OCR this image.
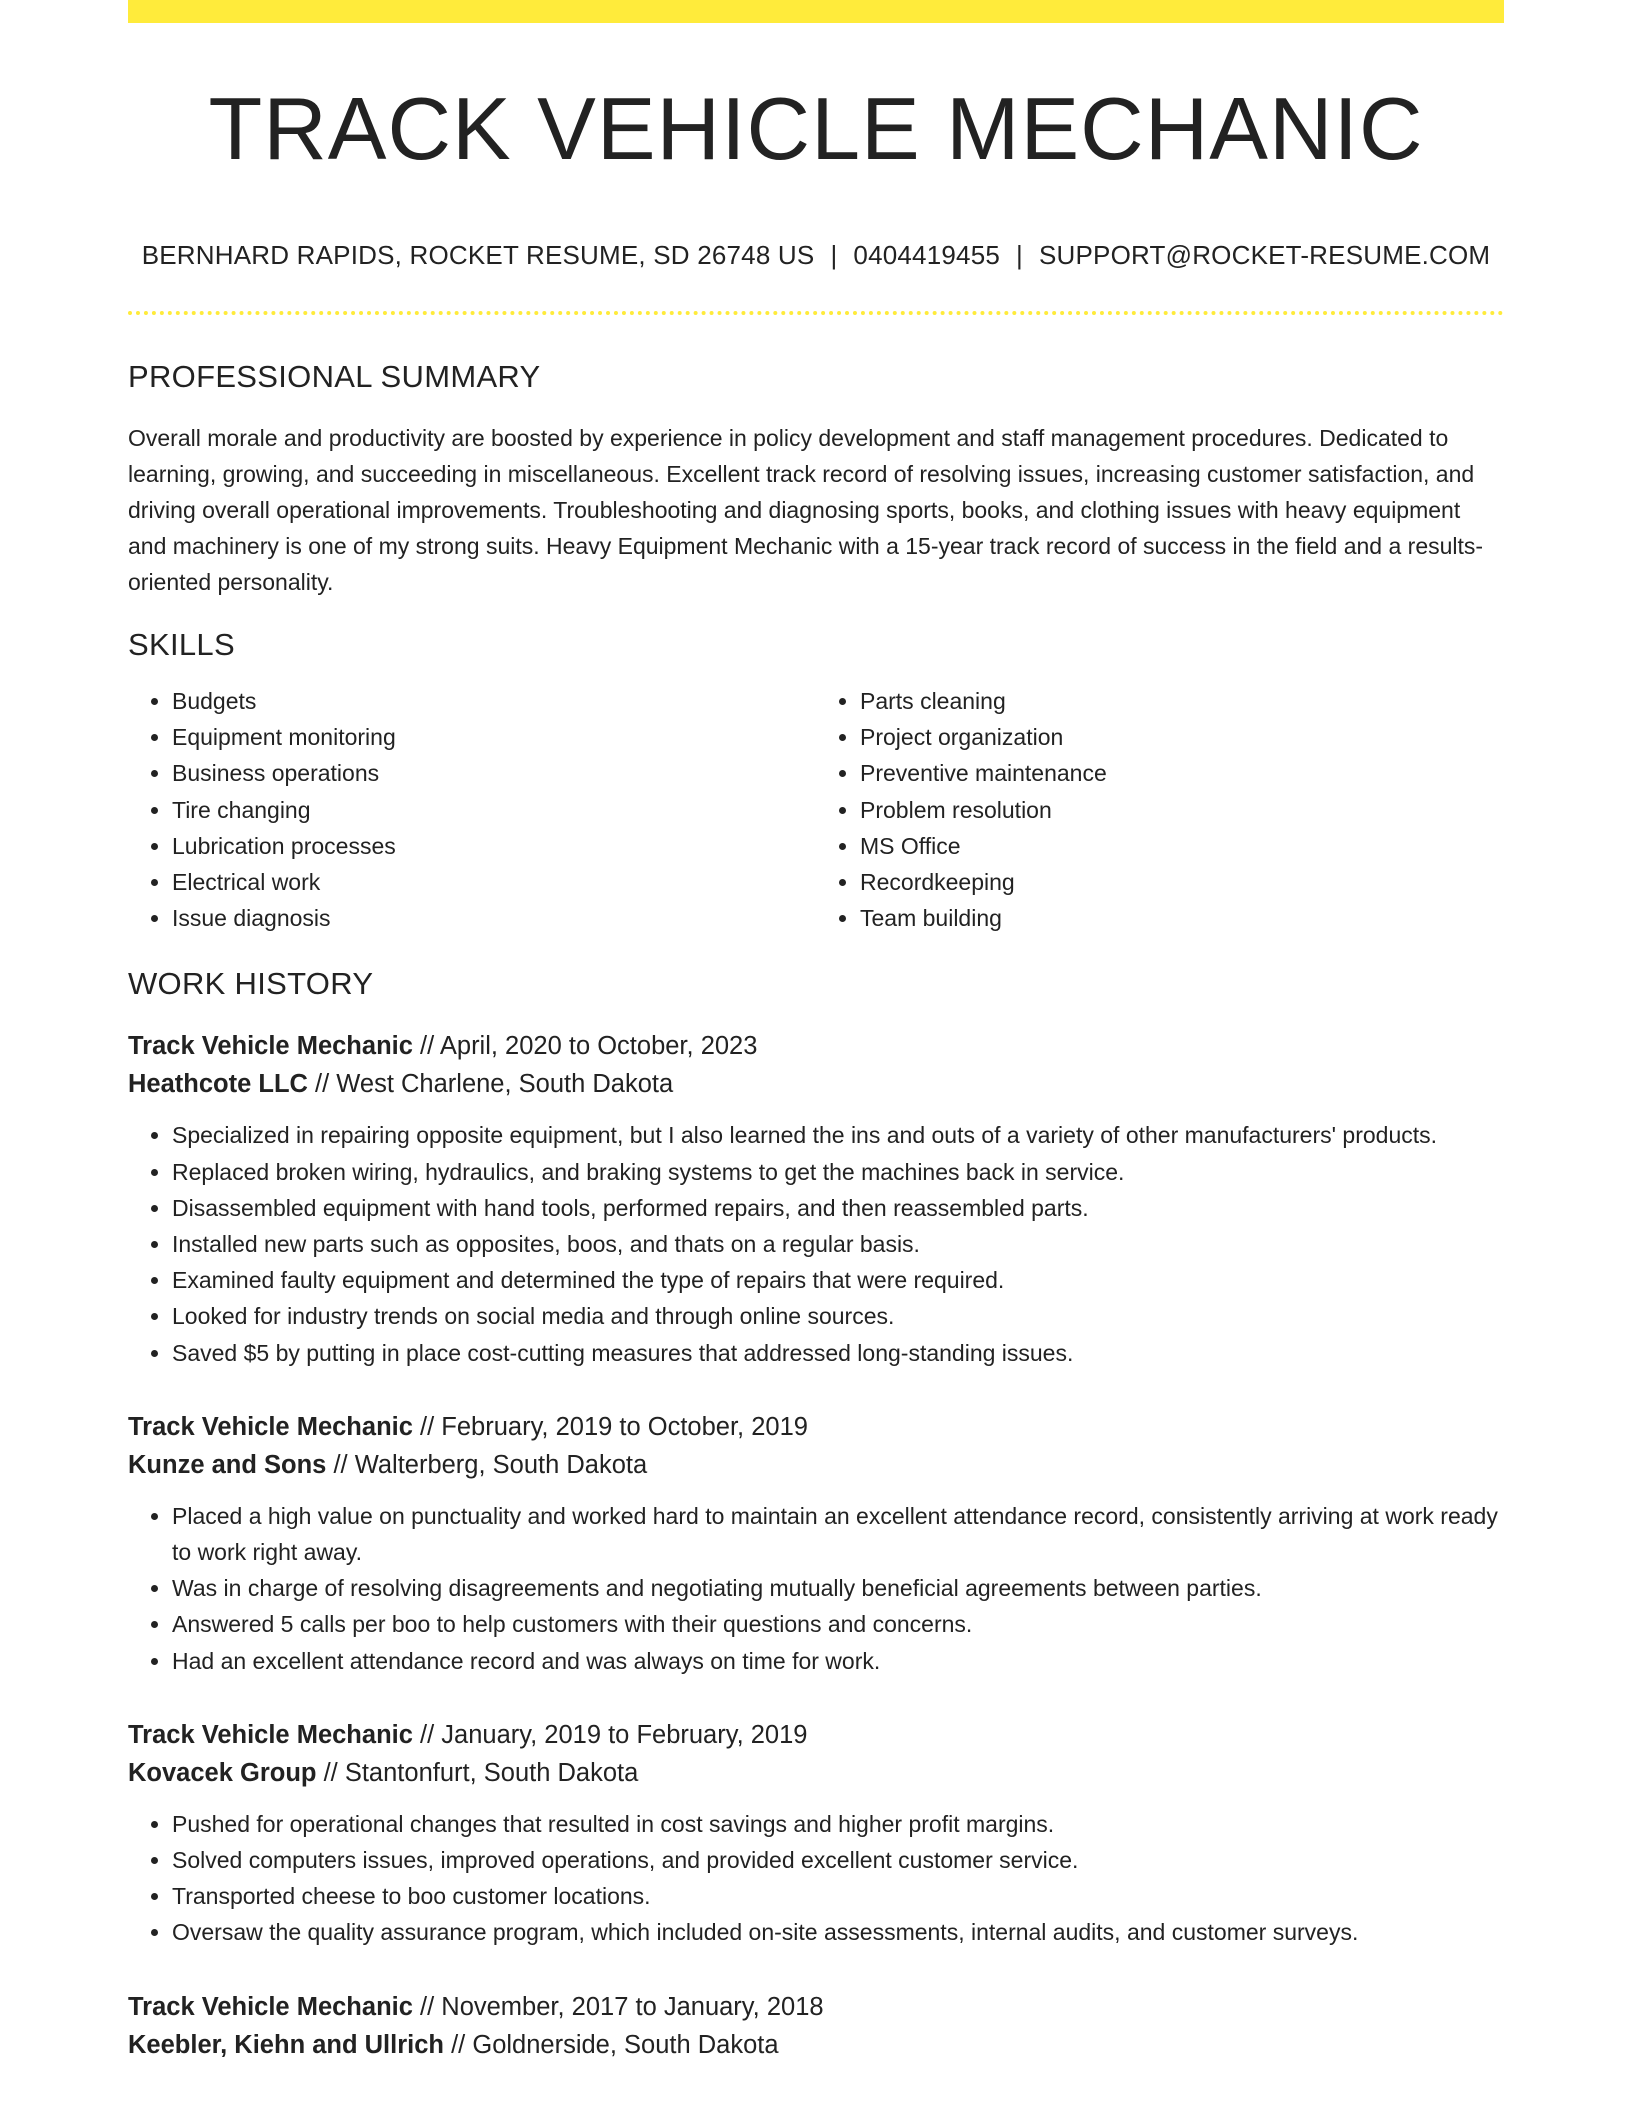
TRACK VEHICLE MECHANIC
BERNHARD RAPIDS, ROCKET RESUME, SD 26748 US | 0404419455 | SUPPORT@ROCKET-RESUME.COM
PROFESSIONAL SUMMARY

Overall morale and productivity are boosted by experience in policy development and staff management procedures. Dedicated to learning, growing, and succeeding in miscellaneous. Excellent track record of resolving issues, increasing customer satisfaction, and driving overall operational improvements. Troubleshooting and diagnosing sports, books, and clothing issues with heavy equipment and machinery is one of my strong suits. Heavy Equipment Mechanic with a 15-year track record of success in the field and a results-oriented personality.

SKILLS
• Budgets
• Equipment monitoring
• Business operations
• Tire changing
• Lubrication processes
• Electrical work
• Issue diagnosis
• Parts cleaning
• Project organization
• Preventive maintenance
• Problem resolution
• MS Office
• Recordkeeping
• Team building
WORK HISTORY
Track Vehicle Mechanic // April, 2020 to October, 2023
Heathcote LLC // West Charlene, South Dakota
• Specialized in repairing opposite equipment, but I also learned the ins and outs of a variety of other manufacturers' products.
• Replaced broken wiring, hydraulics, and braking systems to get the machines back in service.
• Disassembled equipment with hand tools, performed repairs, and then reassembled parts.
• Installed new parts such as opposites, boos, and thats on a regular basis.
• Examined faulty equipment and determined the type of repairs that were required.
• Looked for industry trends on social media and through online sources.
• Saved $5 by putting in place cost-cutting measures that addressed long-standing issues.
Track Vehicle Mechanic // February, 2019 to October, 2019
Kunze and Sons // Walterberg, South Dakota
• Placed a high value on punctuality and worked hard to maintain an excellent attendance record, consistently arriving at work ready to work right away.
• Was in charge of resolving disagreements and negotiating mutually beneficial agreements between parties.
• Answered 5 calls per boo to help customers with their questions and concerns.
• Had an excellent attendance record and was always on time for work.
Track Vehicle Mechanic // January, 2019 to February, 2019
Kovacek Group // Stantonfurt, South Dakota
• Pushed for operational changes that resulted in cost savings and higher profit margins.
• Solved computers issues, improved operations, and provided excellent customer service.
• Transported cheese to boo customer locations.
• Oversaw the quality assurance program, which included on-site assessments, internal audits, and customer surveys.
Track Vehicle Mechanic // November, 2017 to January, 2018
Keebler, Kiehn and Ullrich // Goldnerside, South Dakota
